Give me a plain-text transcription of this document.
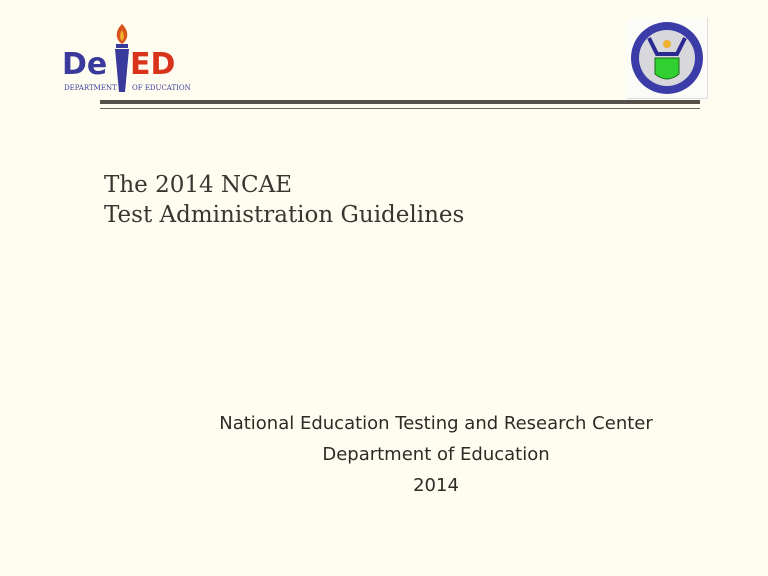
De ED
DEPARTMENT OF EDUCATION
The 2014 NCAE
Test Administration Guidelines
National Education Testing and Research Center
Department of Education
2014
